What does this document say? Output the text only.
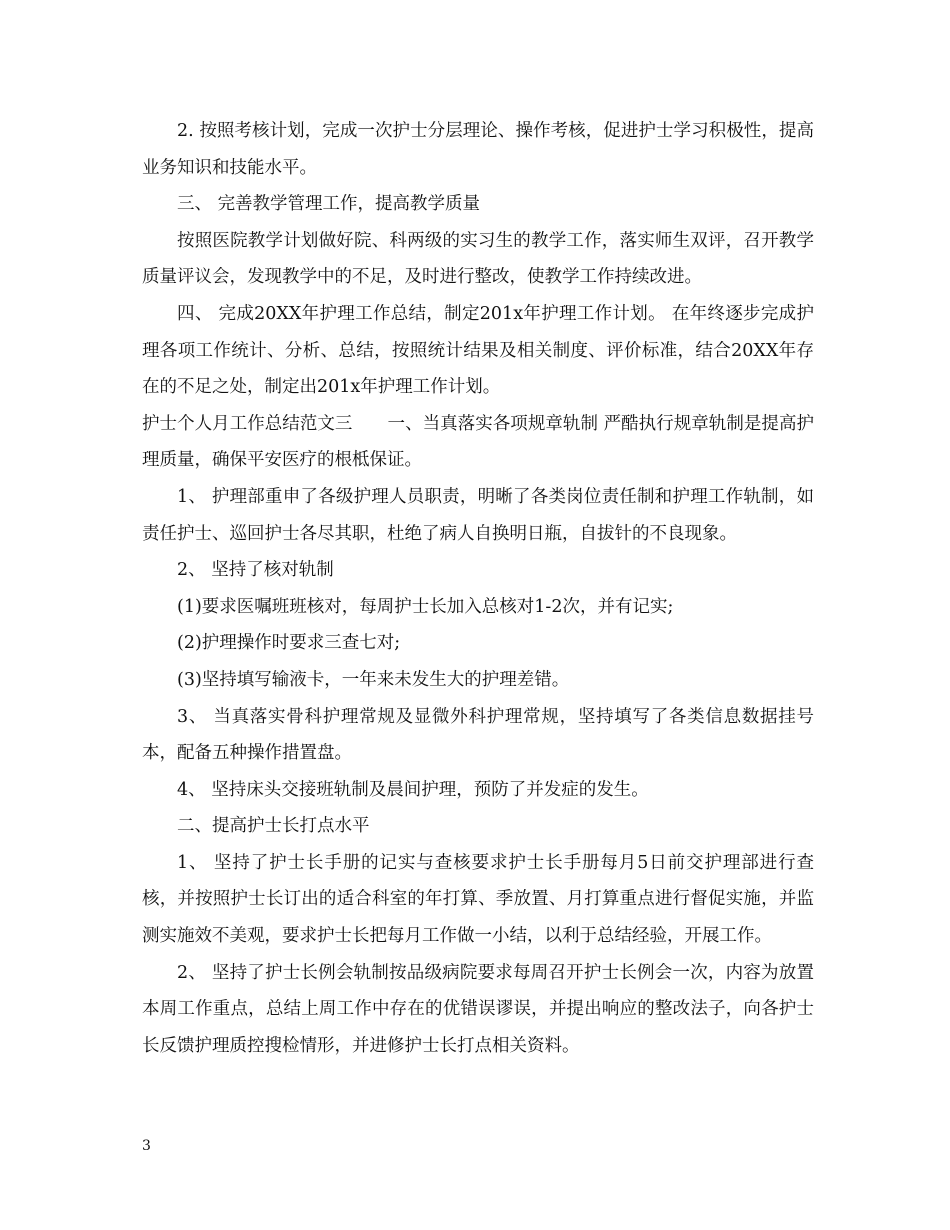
2. 按照考核计划，完成一次护士分层理论、操作考核，促进护士学习积极性，提高业务知识和技能水平。

三、 完善教学管理工作，提高教学质量

按照医院教学计划做好院、科两级的实习生的教学工作，落实师生双评，召开教学质量评议会，发现教学中的不足，及时进行整改，使教学工作持续改进。

四、 完成20XX年护理工作总结，制定201x年护理工作计划。 在年终逐步完成护理各项工作统计、分析、总结，按照统计结果及相关制度、评价标准，结合20XX年存在的不足之处，制定出201x年护理工作计划。

护士个人月工作总结范文三　　一、当真落实各项规章轨制 严酷执行规章轨制是提高护理质量，确保平安医疗的根柢保证。

1、 护理部重申了各级护理人员职责，明晰了各类岗位责任制和护理工作轨制，如责任护士、巡回护士各尽其职，杜绝了病人自换明日瓶，自拔针的不良现象。

2、 坚持了核对轨制

(1)要求医嘱班班核对，每周护士长加入总核对1-2次，并有记实;

(2)护理操作时要求三查七对;

(3)坚持填写输液卡，一年来未发生大的护理差错。

3、 当真落实骨科护理常规及显微外科护理常规，坚持填写了各类信息数据挂号本，配备五种操作措置盘。

4、 坚持床头交接班轨制及晨间护理，预防了并发症的发生。

二、提高护士长打点水平

1、 坚持了护士长手册的记实与查核要求护士长手册每月5日前交护理部进行查核，并按照护士长订出的适合科室的年打算、季放置、月打算重点进行督促实施，并监测实施效不美观，要求护士长把每月工作做一小结，以利于总结经验，开展工作。

2、 坚持了护士长例会轨制按品级病院要求每周召开护士长例会一次，内容为放置本周工作重点，总结上周工作中存在的优错误谬误，并提出响应的整改法子，向各护士长反馈护理质控搜检情形，并进修护士长打点相关资料。

3
